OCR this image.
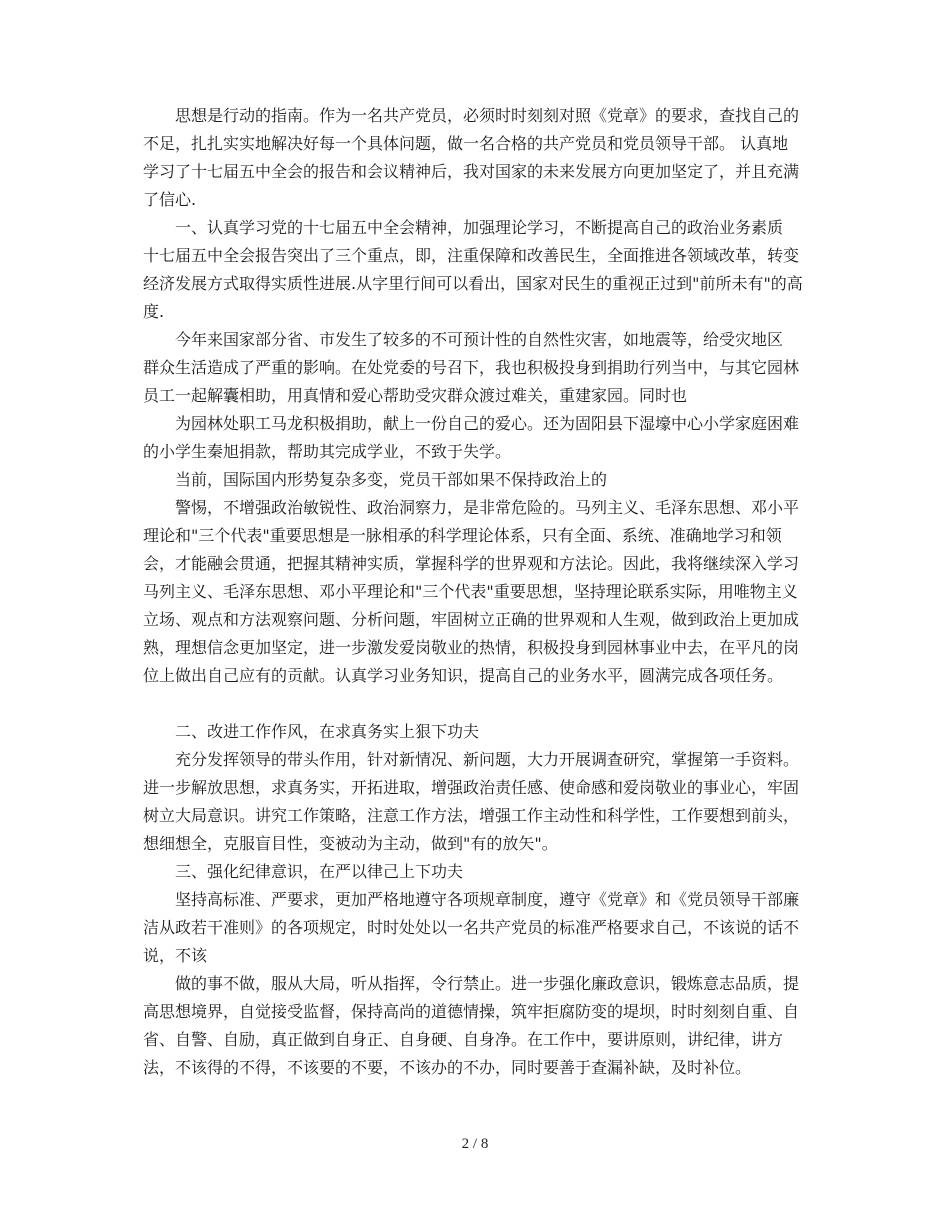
思想是行动的指南。作为一名共产党员，必须时时刻刻对照《党章》的要求，查找自己的
不足，扎扎实实地解决好每一个具体问题，做一名合格的共产党员和党员领导干部。 认真地
学习了十七届五中全会的报告和会议精神后，我对国家的未来发展方向更加坚定了，并且充满
了信心.
一、认真学习党的十七届五中全会精神，加强理论学习，不断提高自己的政治业务素质
十七届五中全会报告突出了三个重点，即，注重保障和改善民生，全面推进各领域改革，转变
经济发展方式取得实质性进展.从字里行间可以看出，国家对民生的重视正过到"前所未有"的高
度.
今年来国家部分省、市发生了较多的不可预计性的自然性灾害，如地震等，给受灾地区
群众生活造成了严重的影响。在处党委的号召下，我也积极投身到捐助行列当中，与其它园林
员工一起解囊相助，用真情和爱心帮助受灾群众渡过难关，重建家园。同时也
为园林处职工马龙积极捐助，献上一份自己的爱心。还为固阳县下湿壕中心小学家庭困难
的小学生秦旭捐款，帮助其完成学业，不致于失学。
当前，国际国内形势复杂多变，党员干部如果不保持政治上的
警惕，不增强政治敏锐性、政治洞察力，是非常危险的。马列主义、毛泽东思想、邓小平
理论和"三个代表"重要思想是一脉相承的科学理论体系，只有全面、系统、准确地学习和领
会，才能融会贯通，把握其精神实质，掌握科学的世界观和方法论。因此，我将继续深入学习
马列主义、毛泽东思想、邓小平理论和"三个代表"重要思想，坚持理论联系实际，用唯物主义
立场、观点和方法观察问题、分析问题，牢固树立正确的世界观和人生观，做到政治上更加成
熟，理想信念更加坚定，进一步激发爱岗敬业的热情，积极投身到园林事业中去，在平凡的岗
位上做出自己应有的贡献。认真学习业务知识，提高自己的业务水平，圆满完成各项任务。
二、改进工作作风，在求真务实上狠下功夫
充分发挥领导的带头作用，针对新情况、新问题，大力开展调查研究，掌握第一手资料。
进一步解放思想，求真务实，开拓进取，增强政治责任感、使命感和爱岗敬业的事业心，牢固
树立大局意识。讲究工作策略，注意工作方法，增强工作主动性和科学性，工作要想到前头，
想细想全，克服盲目性，变被动为主动，做到"有的放矢"。
三、强化纪律意识，在严以律己上下功夫
坚持高标准、严要求，更加严格地遵守各项规章制度，遵守《党章》和《党员领导干部廉
洁从政若干准则》的各项规定，时时处处以一名共产党员的标准严格要求自己，不该说的话不
说，不该
做的事不做，服从大局，听从指挥，令行禁止。进一步强化廉政意识，锻炼意志品质，提
高思想境界，自觉接受监督，保持高尚的道德情操，筑牢拒腐防变的堤坝，时时刻刻自重、自
省、自警、自励，真正做到自身正、自身硬、自身净。在工作中，要讲原则，讲纪律，讲方
法，不该得的不得，不该要的不要，不该办的不办，同时要善于查漏补缺，及时补位。
2 / 8
